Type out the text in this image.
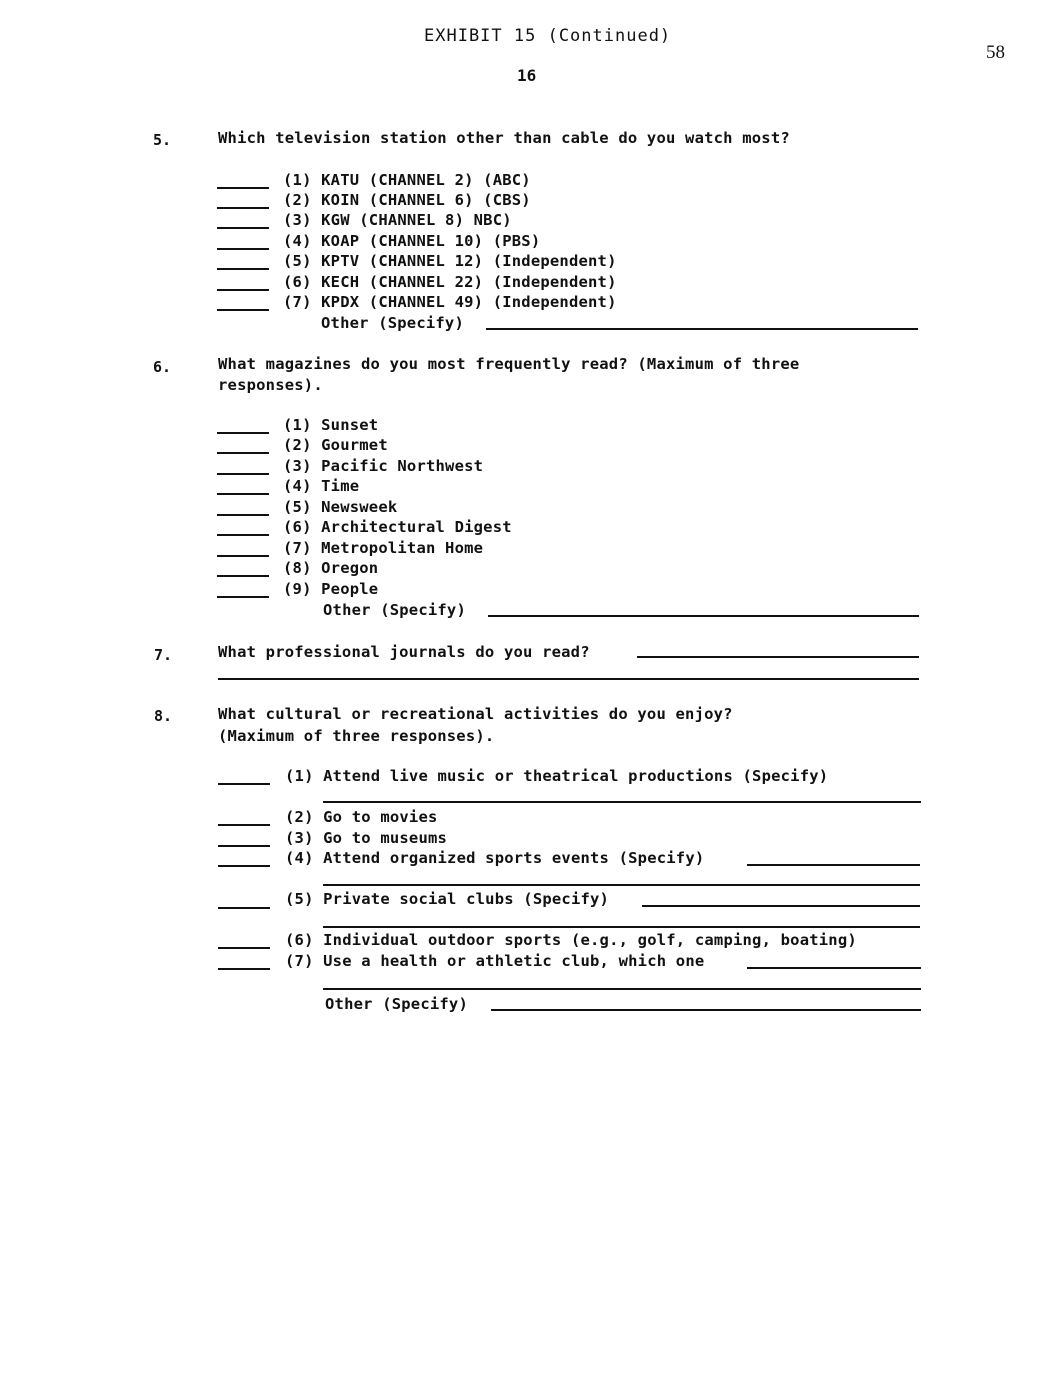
EXHIBIT 15 (Continued)
16
58
5.	Which television station other than cable do you watch most?
(1) KATU (CHANNEL 2) (ABC)
(2) KOIN (CHANNEL 6) (CBS)
(3) KGW (CHANNEL 8) NBC)
(4) KOAP (CHANNEL 10) (PBS)
(5) KPTV (CHANNEL 12) (Independent)
(6) KECH (CHANNEL 22) (Independent)
(7) KPDX (CHANNEL 49) (Independent)
Other (Specify)
6.	What magazines do you most frequently read? (Maximum of three
responses).
(1) Sunset
(2) Gourmet
(3) Pacific Northwest
(4) Time
(5) Newsweek
(6) Architectural Digest
(7) Metropolitan Home
(8) Oregon
(9) People
Other (Specify)
7.	What professional journals do you read?
8.	What cultural or recreational activities do you enjoy?
(Maximum of three responses).
(1) Attend live music or theatrical productions (Specify)
(2) Go to movies
(3) Go to museums
(4) Attend organized sports events (Specify)
(5) Private social clubs (Specify)
(6) Individual outdoor sports (e.g., golf, camping, boating)
(7) Use a health or athletic club, which one
Other (Specify)
